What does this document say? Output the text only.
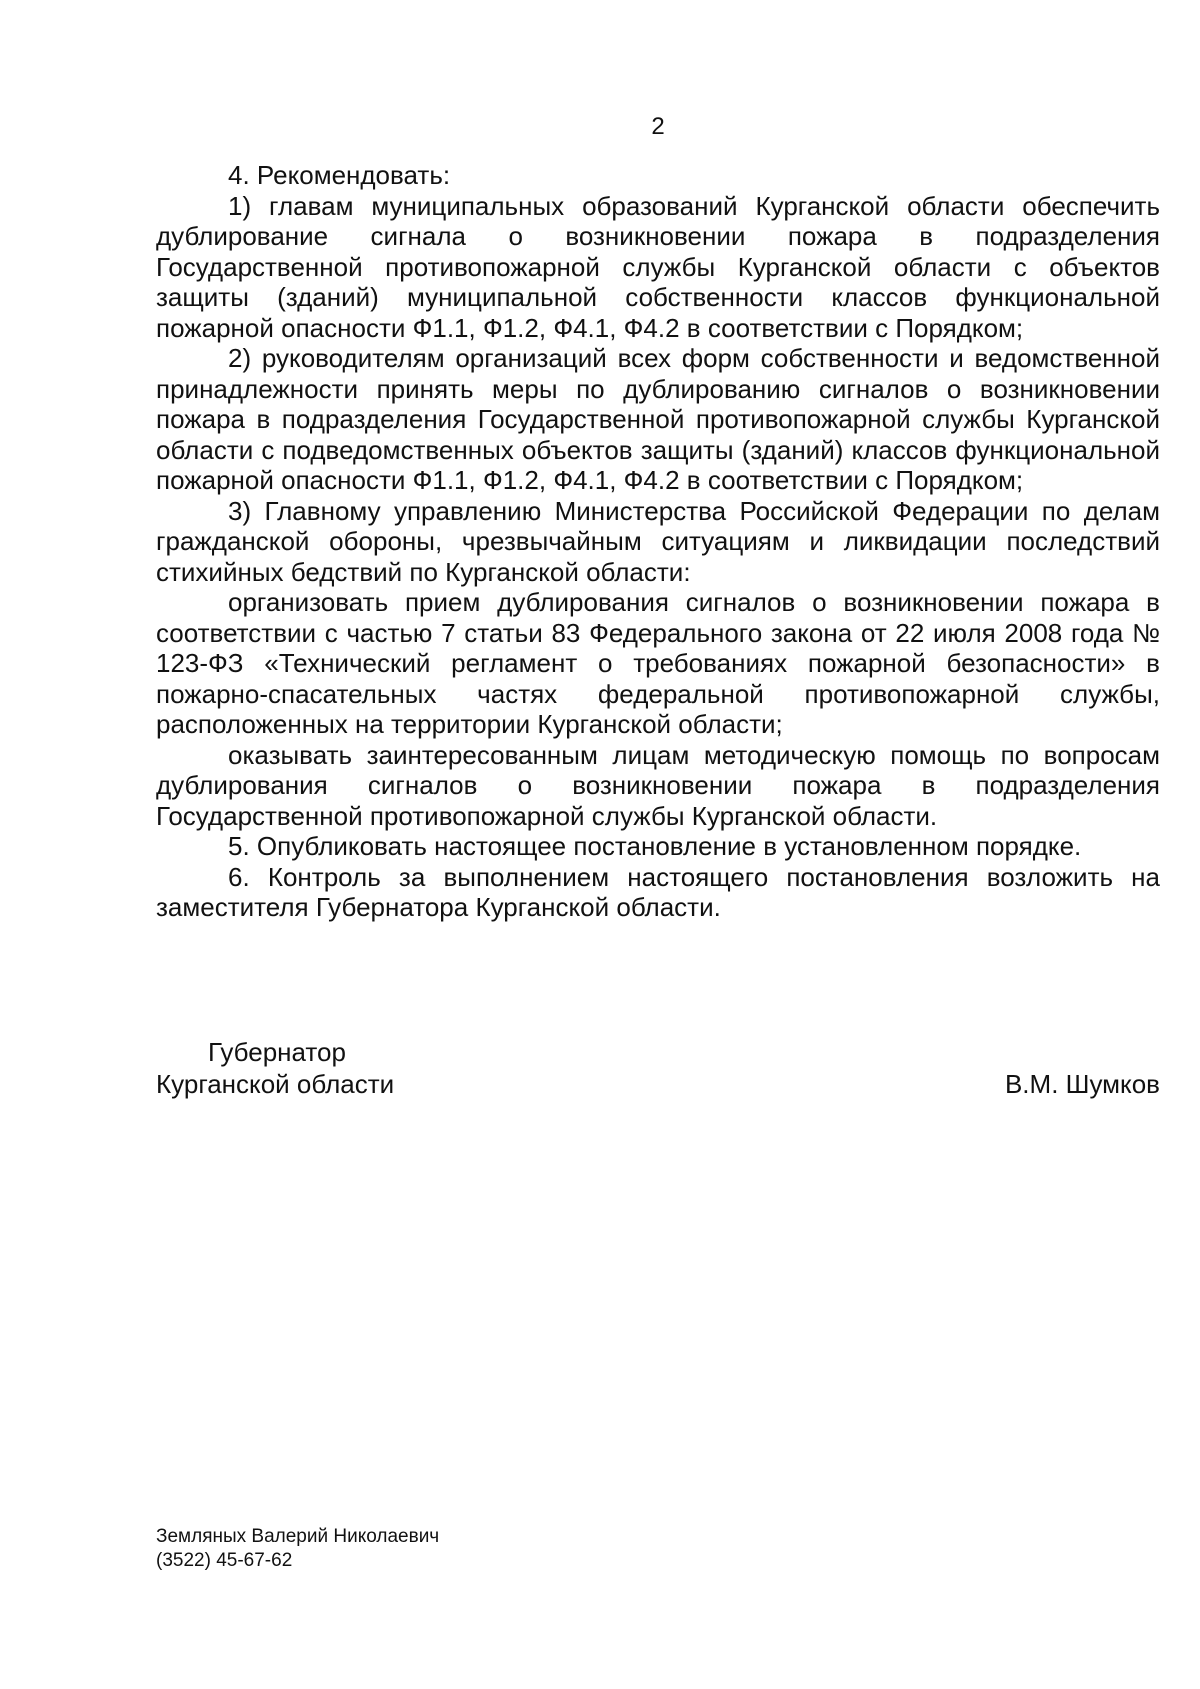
2

4. Рекомендовать:

1) главам муниципальных образований Курганской области обеспечить дублирование сигнала о возникновении пожара в подразделения Государственной противопожарной службы Курганской области с объектов защиты (зданий) муниципальной собственности классов функциональной пожарной опасности Ф1.1, Ф1.2, Ф4.1, Ф4.2 в соответствии с Порядком;

2) руководителям организаций всех форм собственности и ведомственной принадлежности принять меры по дублированию сигналов о возникновении пожара в подразделения Государственной противопожарной службы Курганской области с подведомственных объектов защиты (зданий) классов функциональной пожарной опасности Ф1.1, Ф1.2, Ф4.1, Ф4.2 в соответствии с Порядком;

3) Главному управлению Министерства Российской Федерации по делам гражданской обороны, чрезвычайным ситуациям и ликвидации последствий стихийных бедствий по Курганской области:

организовать прием дублирования сигналов о возникновении пожара в соответствии с частью 7 статьи 83 Федерального закона от 22 июля 2008 года № 123-ФЗ «Технический регламент о требованиях пожарной безопасности» в пожарно-спасательных частях федеральной противопожарной службы, расположенных на территории Курганской области;

оказывать заинтересованным лицам методическую помощь по вопросам дублирования сигналов о возникновении пожара в подразделения Государственной противопожарной службы Курганской области.

5. Опубликовать настоящее постановление в установленном порядке.

6. Контроль за выполнением настоящего постановления возложить на заместителя Губернатора Курганской области.

Губернатор
Курганской области	В.М. Шумков
Земляных Валерий Николаевич
(3522) 45-67-62
